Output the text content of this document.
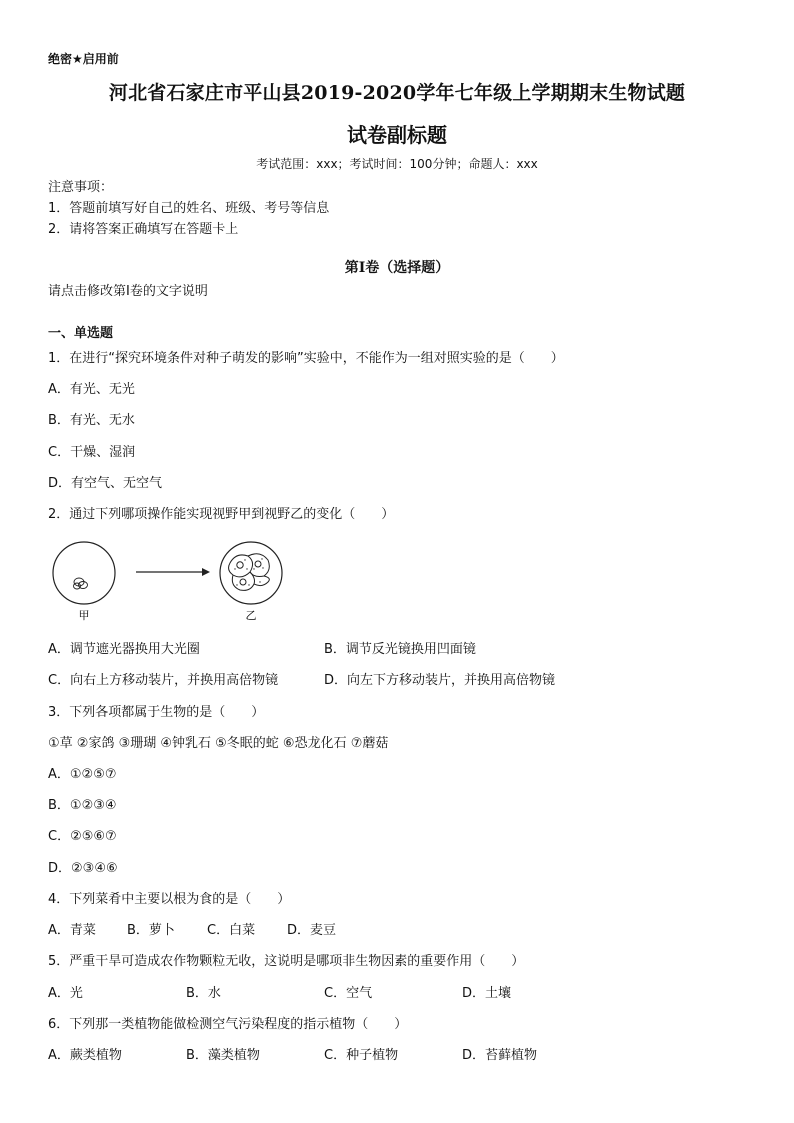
绝密★启用前
河北省石家庄市平山县2019-2020学年七年级上学期期末生物试题
试卷副标题
考试范围：xxx；考试时间：100分钟；命题人：xxx
注意事项：
1．答题前填写好自己的姓名、班级、考号等信息
2．请将答案正确填写在答题卡上
第I卷（选择题）
请点击修改第I卷的文字说明
一、单选题
1．在进行“探究环境条件对种子萌发的影响”实验中，不能作为一组对照实验的是（　　）
A．有光、无光
B．有光、无水
C．干燥、湿润
D．有空气、无空气
2．通过下列哪项操作能实现视野甲到视野乙的变化（　　）
甲	乙
A．调节遮光器换用大光圈	B．调节反光镜换用凹面镜
C．向右上方移动装片，并换用高倍物镜	D．向左下方移动装片，并换用高倍物镜
3．下列各项都属于生物的是（　　）
①草 ②家鸽 ③珊瑚 ④钟乳石 ⑤冬眠的蛇 ⑥恐龙化石 ⑦蘑菇
A．①②⑤⑦
B．①②③④
C．②⑤⑥⑦
D．②③④⑥
4．下列菜肴中主要以根为食的是（　　）
A．青菜 B．萝卜 C．白菜 D．麦豆
5．严重干旱可造成农作物颗粒无收，这说明是哪项非生物因素的重要作用（　　）
A．光	B．水	C．空气	D．土壤
6．下列那一类植物能做检测空气污染程度的指示植物（　　）
A．蕨类植物	B．藻类植物	C．种子植物	D．苔藓植物
